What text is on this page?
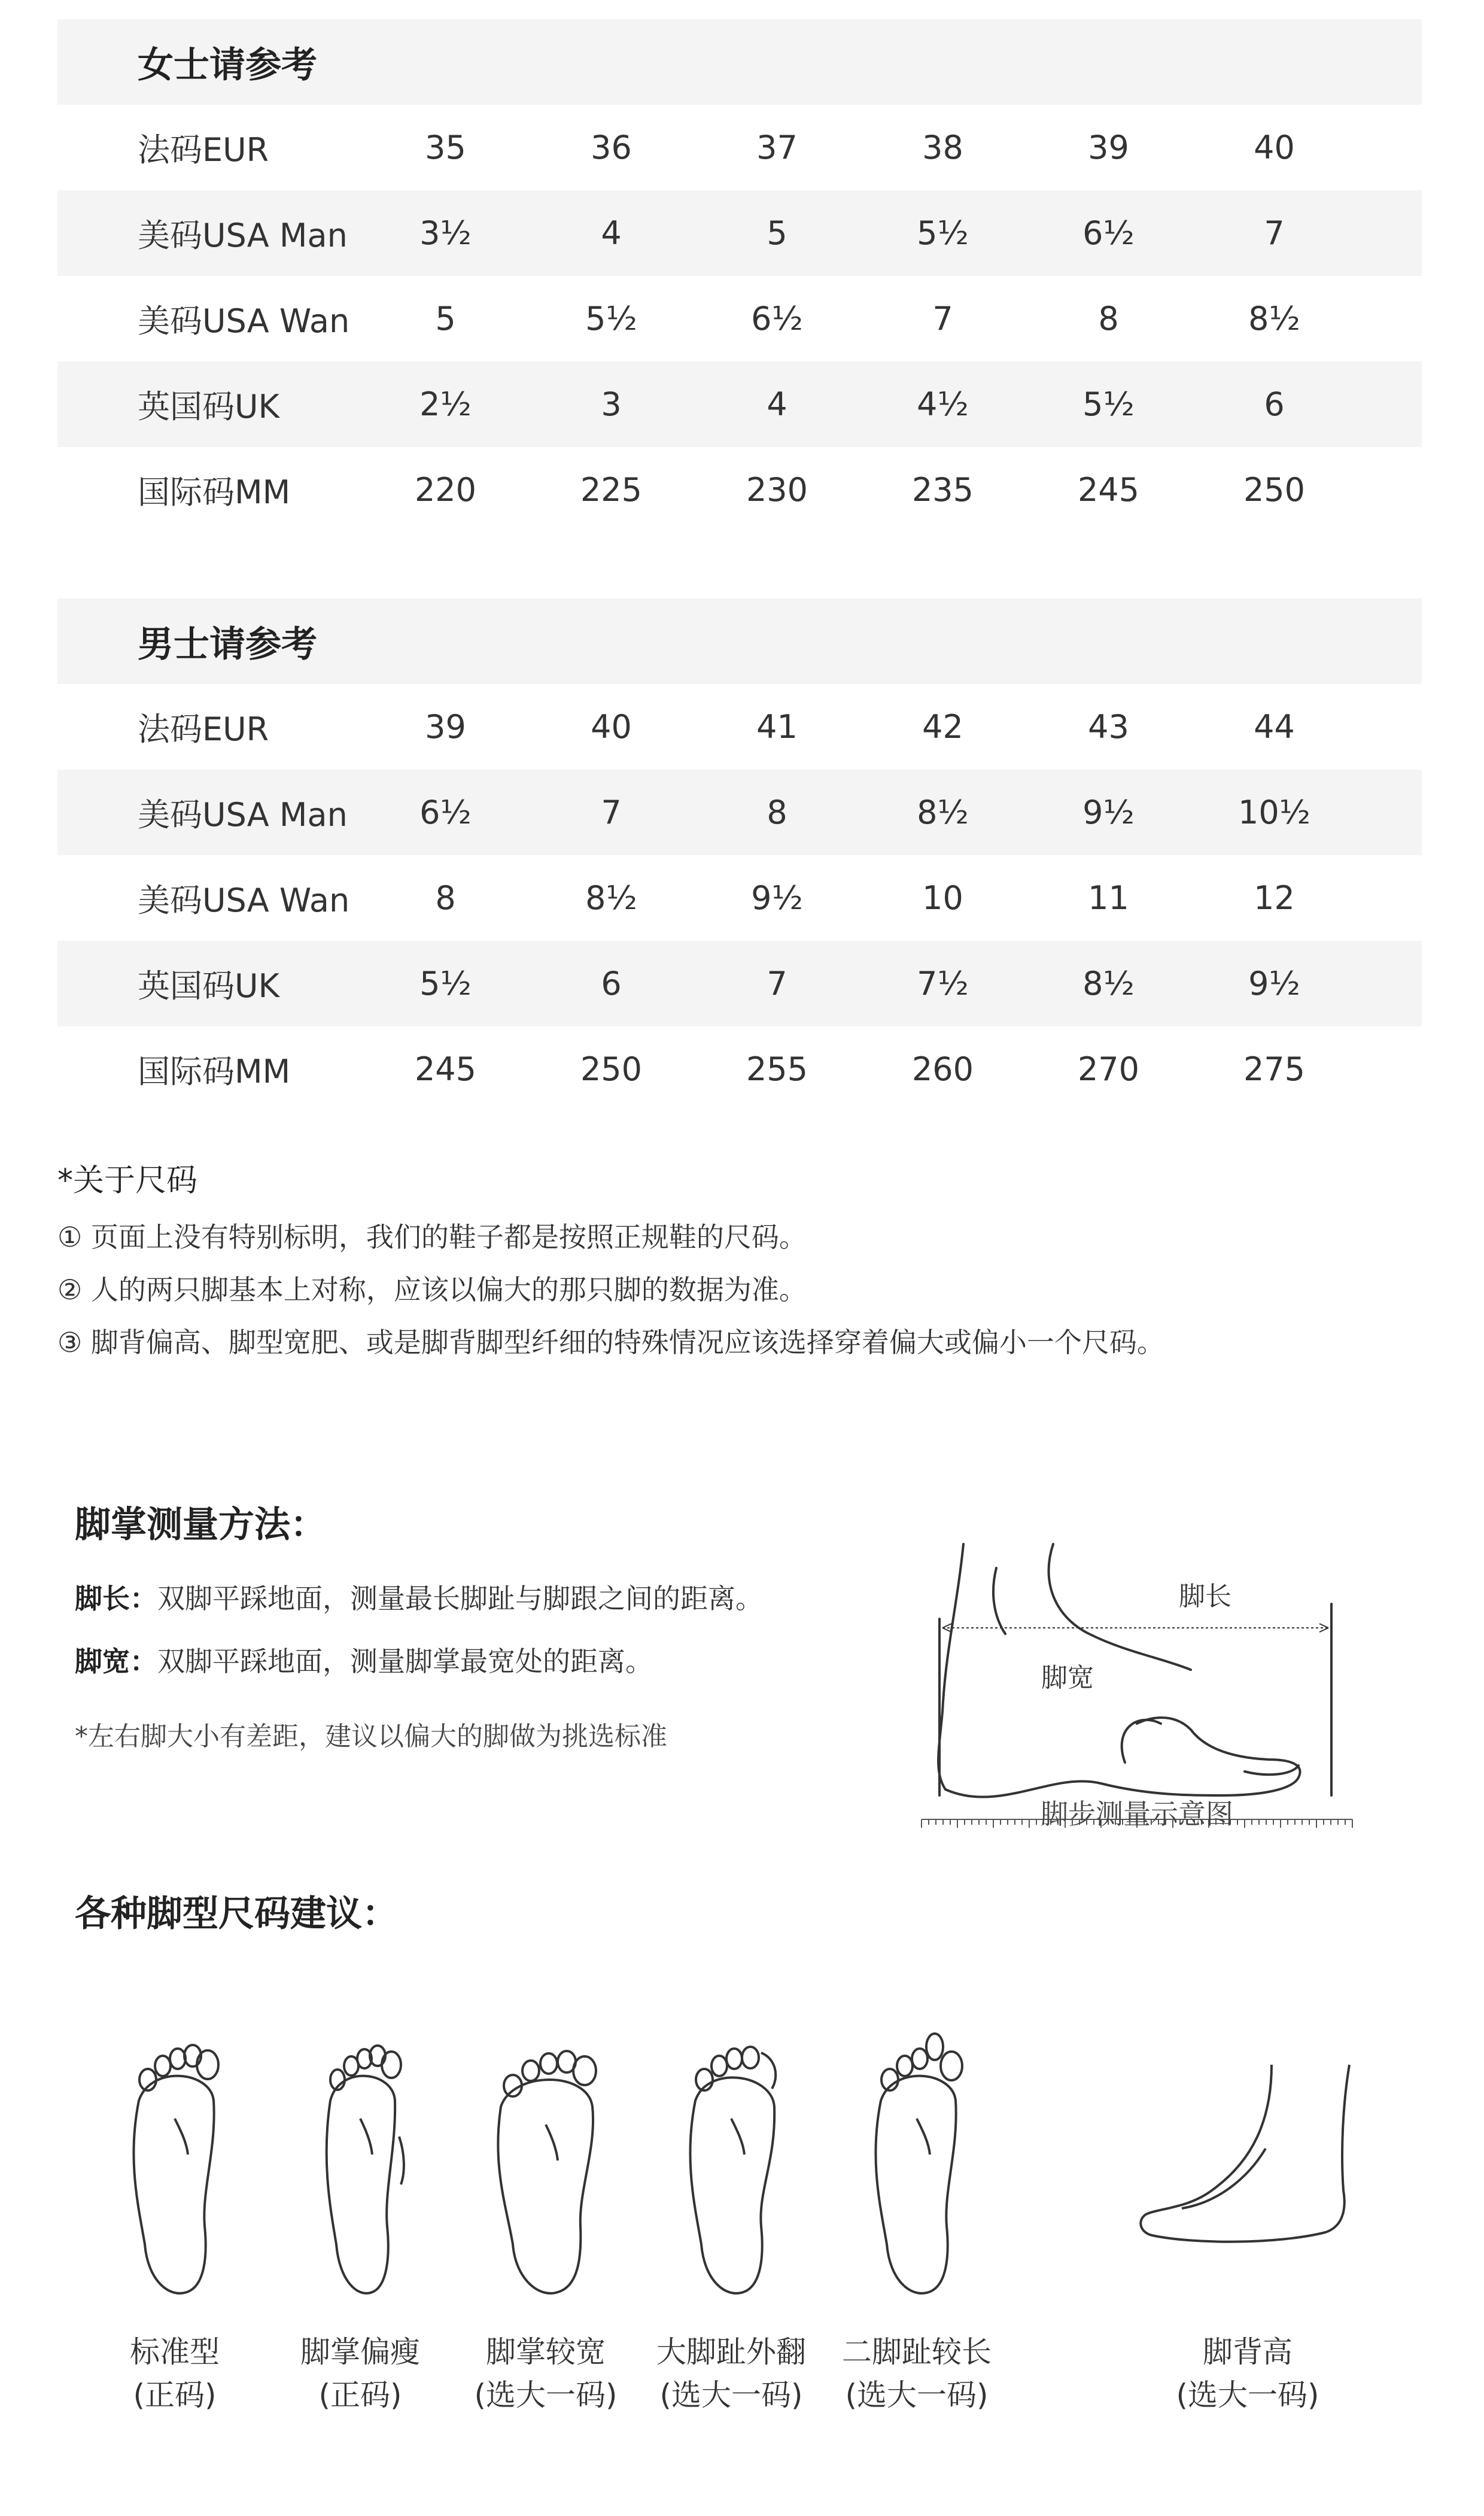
女士请参考
法码EUR	35	36	37	38	39	40
美码USA Man	3½	4	5	5½	6½	7
美码USA Wan	5	5½	6½	7	8	8½
英国码UK	2½	3	4	4½	5½	6
国际码MM	220	225	230	235	245	250
男士请参考
法码EUR	39	40	41	42	43	44
美码USA Man	6½	7	8	8½	9½	10½
美码USA Wan	8	8½	9½	10	11	12
英国码UK	5½	6	7	7½	8½	9½
国际码MM	245	250	255	260	270	275
*关于尺码
① 页面上没有特别标明，我们的鞋子都是按照正规鞋的尺码。
② 人的两只脚基本上对称，应该以偏大的那只脚的数据为准。
③ 脚背偏高、脚型宽肥、或是脚背脚型纤细的特殊情况应该选择穿着偏大或偏小一个尺码。
脚掌测量方法：
脚长：双脚平踩地面，测量最长脚趾与脚跟之间的距离。
脚宽：双脚平踩地面，测量脚掌最宽处的距离。
*左右脚大小有差距，建议以偏大的脚做为挑选标准
脚长
脚宽
脚步测量示意图
各种脚型尺码建议：
标准型
(正码)
脚掌偏瘦
(正码)
脚掌较宽
(选大一码)
大脚趾外翻
(选大一码)
二脚趾较长
(选大一码)
脚背高
(选大一码)
